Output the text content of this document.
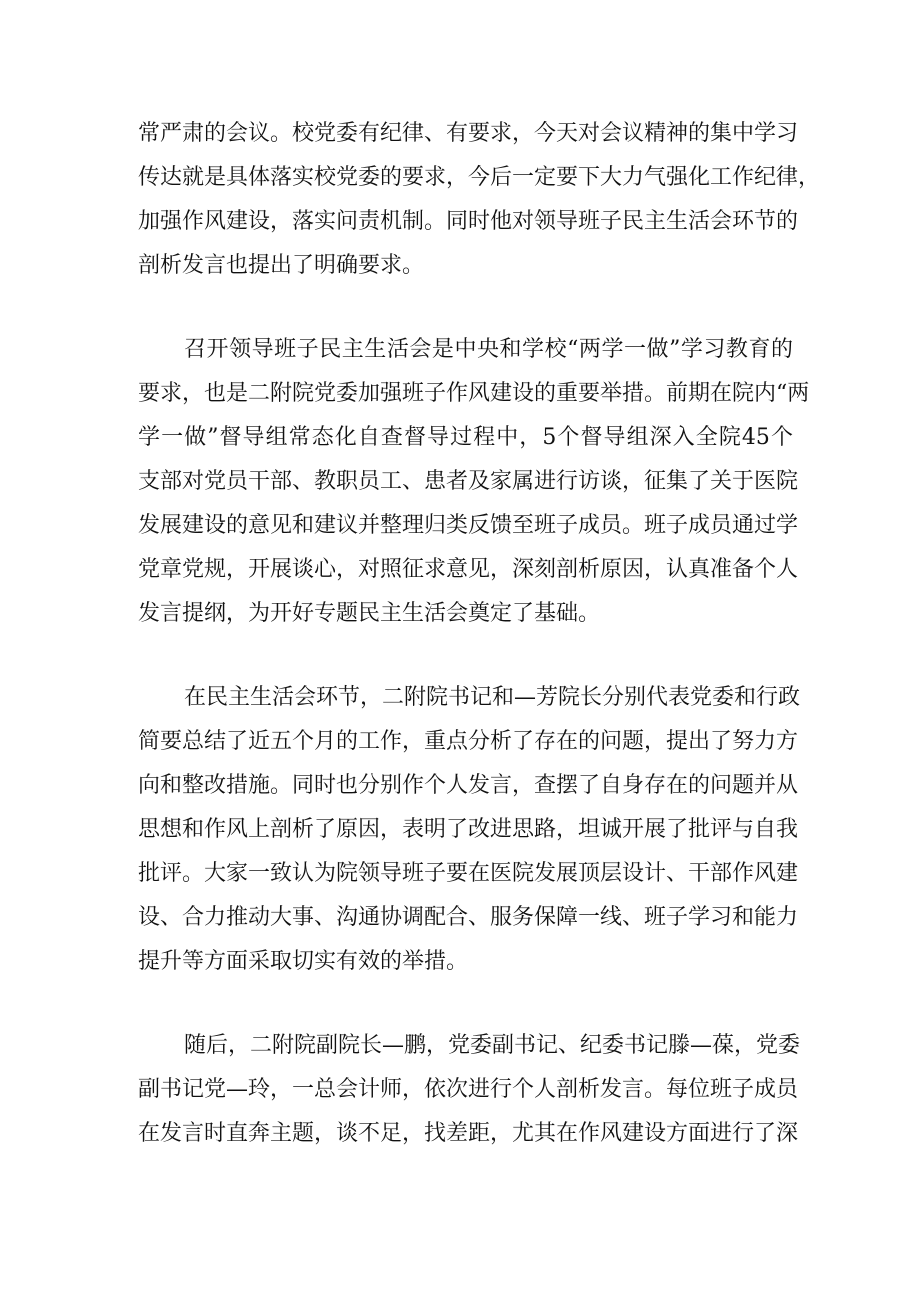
常严肃的会议。校党委有纪律、有要求，今天对会议精神的集中学习
传达就是具体落实校党委的要求，今后一定要下大力气强化工作纪律，
加强作风建设，落实问责机制。同时他对领导班子民主生活会环节的
剖析发言也提出了明确要求。
召开领导班子民主生活会是中央和学校“两学一做”学习教育的
要求，也是二附院党委加强班子作风建设的重要举措。前期在院内“两
学一做”督导组常态化自查督导过程中，5个督导组深入全院45个
支部对党员干部、教职员工、患者及家属进行访谈，征集了关于医院
发展建设的意见和建议并整理归类反馈至班子成员。班子成员通过学
党章党规，开展谈心，对照征求意见，深刻剖析原因，认真准备个人
发言提纲，为开好专题民主生活会奠定了基础。
在民主生活会环节，二附院书记和—芳院长分别代表党委和行政
简要总结了近五个月的工作，重点分析了存在的问题，提出了努力方
向和整改措施。同时也分别作个人发言，查摆了自身存在的问题并从
思想和作风上剖析了原因，表明了改进思路，坦诚开展了批评与自我
批评。大家一致认为院领导班子要在医院发展顶层设计、干部作风建
设、合力推动大事、沟通协调配合、服务保障一线、班子学习和能力
提升等方面采取切实有效的举措。
随后，二附院副院长—鹏，党委副书记、纪委书记滕—葆，党委
副书记党—玲，一总会计师，依次进行个人剖析发言。每位班子成员
在发言时直奔主题，谈不足，找差距，尤其在作风建设方面进行了深
